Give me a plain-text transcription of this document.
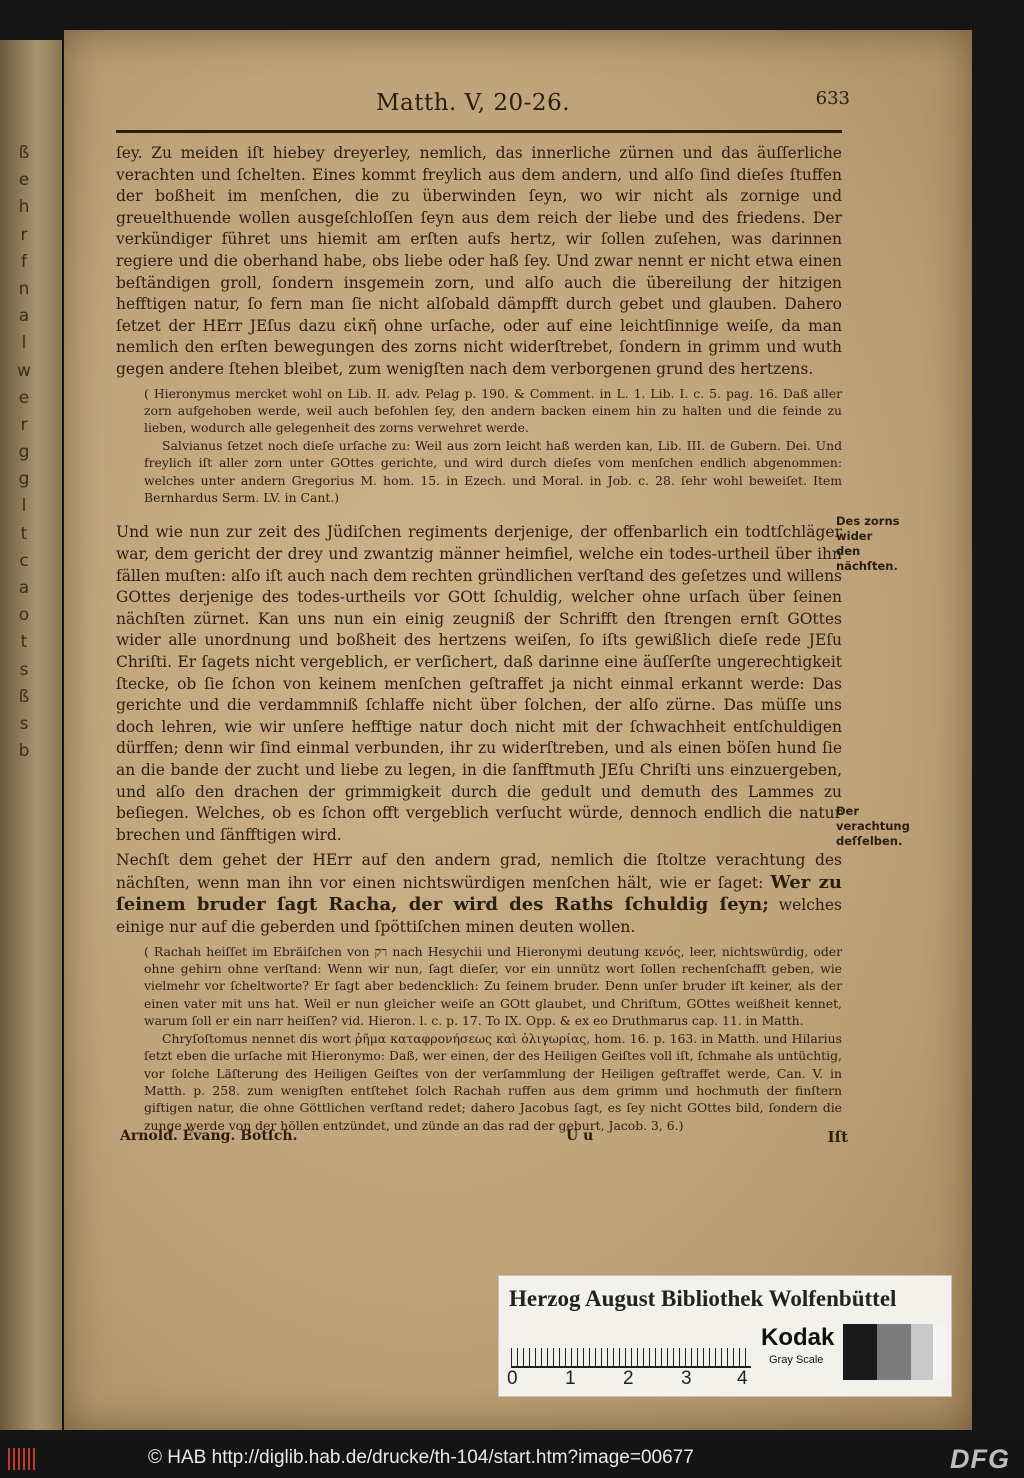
ß
e
h
r
f
n
a
l
w
e
r
g
g
l
t
c
a
o
t
s
ß
s
b
Matth. V, 20-26.	633

ſey. Zu meiden iſt hiebey dreyerley, nemlich, das innerliche zürnen und das äuſſerliche verachten und ſchelten. Eines kommt freylich aus dem andern, und alſo ſind dieſes ſtuffen der boßheit im menſchen, die zu überwinden ſeyn, wo wir nicht als zornige und greuelthuende wollen ausgeſchloſſen ſeyn aus dem reich der liebe und des friedens. Der verkündiger führet uns hiemit am erſten aufs hertz, wir ſollen zuſehen, was darinnen regiere und die oberhand habe, obs liebe oder haß ſey. Und zwar nennt er nicht etwa einen beſtändigen groll, ſondern insgemein zorn, und alſo auch die übereilung der hitzigen hefftigen natur, ſo fern man ſie nicht alſobald dämpfft durch gebet und glauben. Dahero ſetzet der HErr JEſus dazu εἰκῆ ohne urſache, oder auf eine leichtſinnige weiſe, da man nemlich den erſten bewegungen des zorns nicht widerſtrebet, ſondern in grimm und wuth gegen andere ſtehen bleibet, zum wenigſten nach dem verborgenen grund des hertzens.

( Hieronymus mercket wohl on Lib. II. adv. Pelag p. 190. & Comment. in L. 1. Lib. I. c. 5. pag. 16. Daß aller zorn aufgehoben werde, weil auch befohlen ſey, den andern backen einem hin zu halten und die feinde zu lieben, wodurch alle gelegenheit des zorns verwehret werde.

Salvianus ſetzet noch dieſe urſache zu: Weil aus zorn leicht haß werden kan, Lib. III. de Gubern. Dei. Und freylich iſt aller zorn unter GOttes gerichte, und wird durch dieſes vom menſchen endlich abgenommen: welches unter andern Gregorius M. hom. 15. in Ezech. und Moral. in Job. c. 28. ſehr wohl beweiſet. Item Bernhardus Serm. LV. in Cant.)

Und wie nun zur zeit des Jüdiſchen regiments derjenige, der offenbarlich ein todtſchläger war, dem gericht der drey und zwantzig männer heimfiel, welche ein todes-urtheil über ihn fällen muſten: alſo iſt auch nach dem rechten gründlichen verſtand des geſetzes und willens GOttes derjenige des todes-urtheils vor GOtt ſchuldig, welcher ohne urſach über ſeinen nächſten zürnet. Kan uns nun ein einig zeugniß der Schrifft den ſtrengen ernſt GOttes wider alle unordnung und boßheit des hertzens weiſen, ſo iſts gewißlich dieſe rede JEſu Chriſti. Er ſagets nicht vergeblich, er verſichert, daß darinne eine äuſſerſte ungerechtigkeit ſtecke, ob ſie ſchon von keinem menſchen geſtraffet ja nicht einmal erkannt werde: Das gerichte und die verdammniß ſchlaffe nicht über ſolchen, der alſo zürne. Das müſſe uns doch lehren, wie wir unſere hefftige natur doch nicht mit der ſchwachheit entſchuldigen dürffen; denn wir ſind einmal verbunden, ihr zu widerſtreben, und als einen böſen hund ſie an die bande der zucht und liebe zu legen, in die ſanfftmuth JEſu Chriſti uns einzuergeben, und alſo den drachen der grimmigkeit durch die gedult und demuth des Lammes zu beſiegen. Welches, ob es ſchon offt vergeblich verſucht würde, dennoch endlich die natur brechen und ſänfftigen wird.

Nechſt dem gehet der HErr auf den andern grad, nemlich die ſtoltze verachtung des nächſten, wenn man ihn vor einen nichtswürdigen menſchen hält, wie er ſaget: Wer zu ſeinem bruder ſagt Racha, der wird des Raths ſchuldig ſeyn; welches einige nur auf die geberden und ſpöttiſchen minen deuten wollen.

( Rachah heiſſet im Ebräiſchen von רק nach Hesychii und Hieronymi deutung κενός, leer, nichtswürdig, oder ohne gehirn ohne verſtand: Wenn wir nun, ſagt dieſer, vor ein unnütz wort ſollen rechenſchafft geben, wie vielmehr vor ſcheltworte? Er ſagt aber bedencklich: Zu ſeinem bruder. Denn unſer bruder iſt keiner, als der einen vater mit uns hat. Weil er nun gleicher weiſe an GOtt glaubet, und Chriſtum, GOttes weißheit kennet, warum ſoll er ein narr heiſſen? vid. Hieron. l. c. p. 17. To IX. Opp. & ex eo Druthmarus cap. 11. in Matth.

Chryſoſtomus nennet dis wort ῥῆμα καταφρονήσεως καὶ ὀλιγωρίας, hom. 16. p. 163. in Matth. und Hilarius ſetzt eben die urſache mit Hieronymo: Daß, wer einen, der des Heiligen Geiſtes voll iſt, ſchmahe als untüchtig, vor ſolche Läſterung des Heiligen Geiſtes von der verſammlung der Heiligen geſtraffet werde, Can. V. in Matth. p. 258. zum wenigſten entſtehet ſolch Rachah ruffen aus dem grimm und hochmuth der finſtern giftigen natur, die ohne Göttlichen verſtand redet; dahero Jacobus ſagt, es ſey nicht GOttes bild, ſondern die zunge werde von der höllen entzündet, und zünde an das rad der geburt, Jacob. 3, 6.)

Des zorns wider den nächſten.
Der verachtung deſſelben.
Arnold. Evang. Botſch.	U u	Iſt
Herzog August Bibliothek Wolfenbüttel
0 1 2 3 4
Kodak
Gray Scale
© HAB http://diglib.hab.de/drucke/th-104/start.htm?image=00677	DFG
